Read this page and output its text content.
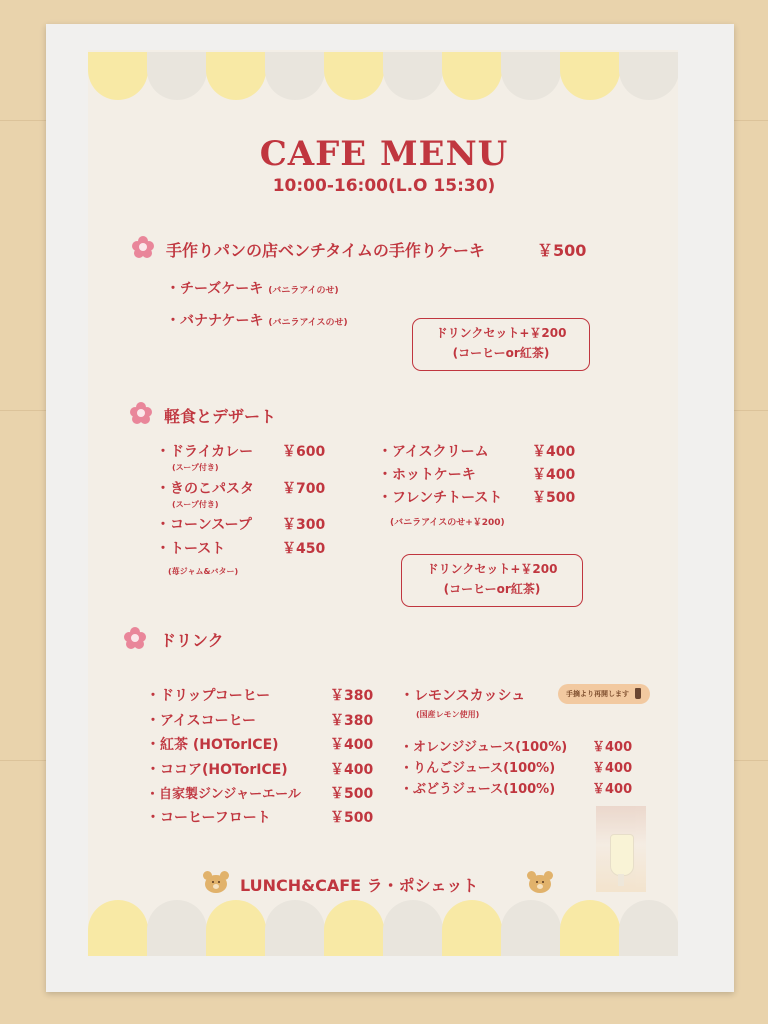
CAFE MENU
10:00-16:00(L.O 15:30)
手作りパンの店ベンチタイムの手作りケーキ	￥500
・チーズケーキ (バニラアイのせ)
・バナナケーキ (バニラアイスのせ)
ドリンクセット+￥200
(コーヒーor紅茶)
軽食とデザート
・ドライカレー ￥600
(スープ付き)
・きのこパスタ ￥700
(スープ付き)
・コーンスープ ￥300
・トースト	￥450
(苺ジャム&バター)
・アイスクリーム	￥400
・ホットケーキ	￥400
・フレンチトースト ￥500
(バニラアイスのせ+￥200)
ドリンクセット+￥200
(コーヒーor紅茶)
ドリンク
・ドリップコーヒー	￥380
・アイスコーヒー	￥380
・紅茶 (HOTorICE)	￥400
・ココア(HOTorICE)	￥400
・自家製ジンジャーエール ￥500
・コーヒーフロート	￥500
・レモンスカッシュ	手摘より再開します
(国産レモン使用)
・オレンジジュース(100%) ￥400
・りんごジュース(100%)	￥400
・ぶどうジュース(100%)	￥400
LUNCH&CAFE ラ・ポシェット
